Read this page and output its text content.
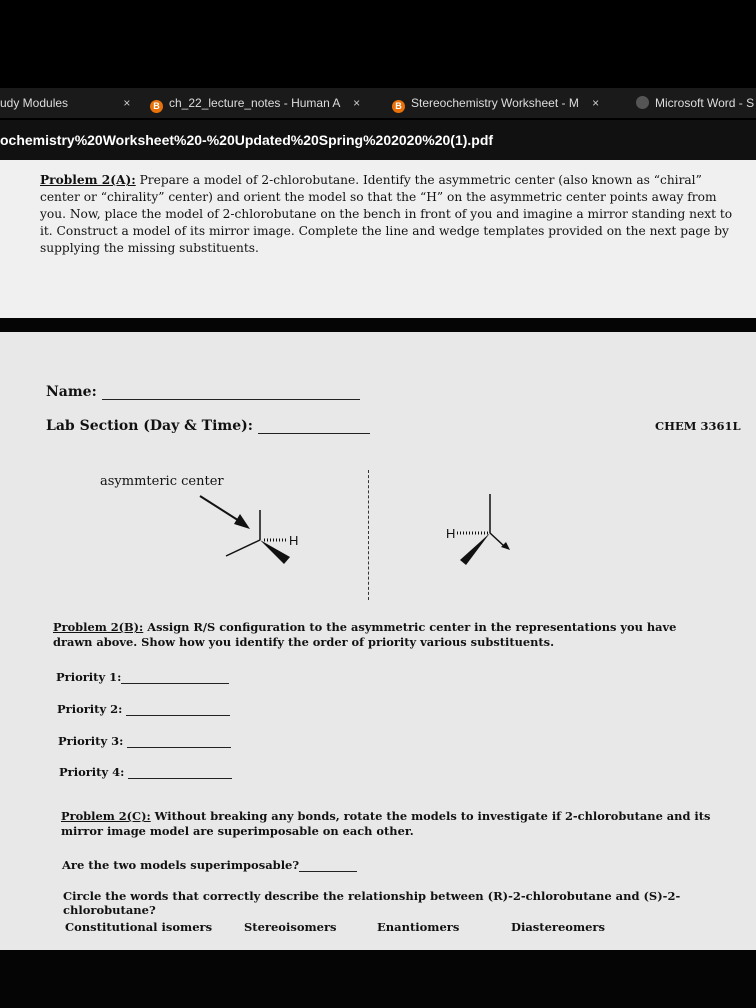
udy Modules	×	B ch_22_lecture_notes - Human A ×	B Stereochemistry Worksheet - M ×	Microsoft Word - S
ochemistry%20Worksheet%20-%20Updated%20Spring%202020%20(1).pdf

Problem 2(A): Prepare a model of 2-chlorobutane. Identify the asymmetric center (also known as “chiral” center or “chirality” center) and orient the model so that the “H” on the asymmetric center points away from you. Now, place the model of 2-chlorobutane on the bench in front of you and imagine a mirror standing next to it. Construct a model of its mirror image. Complete the line and wedge templates provided on the next page by supplying the missing substituents.

Name:
Lab Section (Day & Time):	CHEM 3361L
asymmteric center
H	H
Problem 2(B): Assign R/S configuration to the asymmetric center in the representations you have drawn above. Show how you identify the order of priority various substituents.
Priority 1:
Priority 2:
Priority 3:
Priority 4:
Problem 2(C): Without breaking any bonds, rotate the models to investigate if 2-chlorobutane and its mirror image model are superimposable on each other.
Are the two models superimposable?
Circle the words that correctly describe the relationship between (R)-2-chlorobutane and (S)-2-chlorobutane?
Constitutional isomers	Stereoisomers	Enantiomers	Diastereomers
